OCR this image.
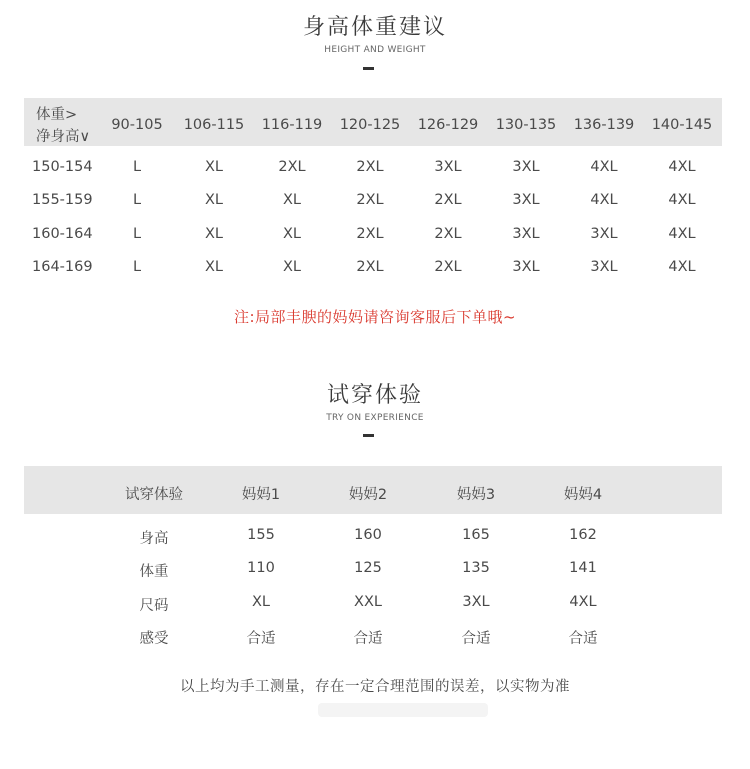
身高体重建议
HEIGHT AND WEIGHT
体重>
净身高∨
90-105	106-115	116-119	120-125	126-129	130-135	136-139	140-145
150-154	L	XL	2XL	2XL	3XL	3XL	4XL	4XL
155-159	L	XL	XL	2XL	2XL	3XL	4XL	4XL
160-164	L	XL	XL	2XL	2XL	3XL	3XL	4XL
164-169	L	XL	XL	2XL	2XL	3XL	3XL	4XL
注:局部丰腴的妈妈请咨询客服后下单哦~
试穿体验
TRY ON EXPERIENCE
试穿体验	妈妈1	妈妈2	妈妈3	妈妈4
身高	155	160	165	162
体重	110	125	135	141
尺码	XL	XXL	3XL	4XL
感受	合适	合适	合适	合适
以上均为手工测量，存在一定合理范围的误差，以实物为准
